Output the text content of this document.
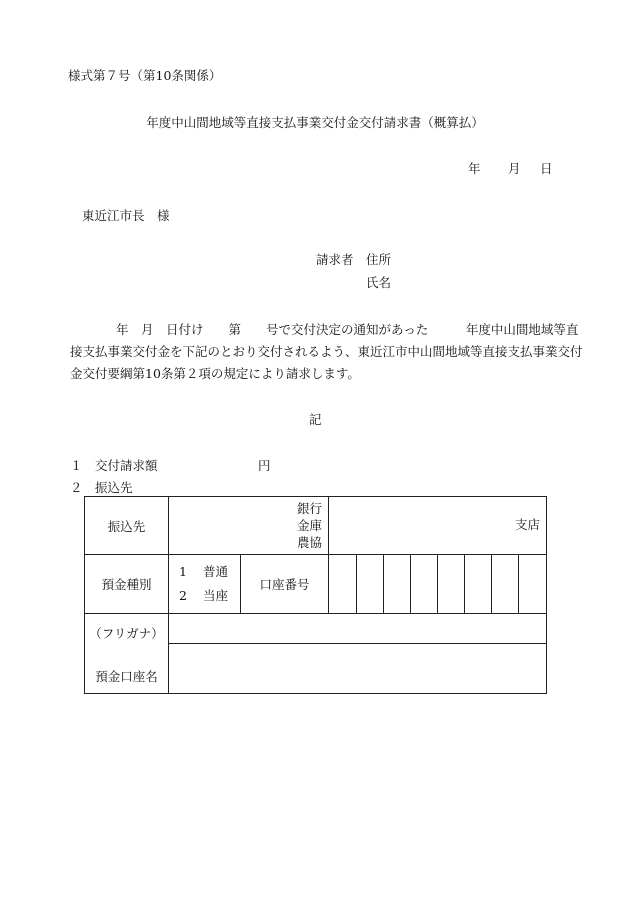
様式第７号（第10条関係）
年度中山間地域等直接支払事業交付金交付請求書（概算払）
年 月 日
東近江市長　様
請求者 住所
氏名
年　月　日付け　　第　　号で交付決定の通知があった　　　年度中山間地域等直
接支払事業交付金を下記のとおり交付されるよう、東近江市中山間地域等直接支払事業交付
金交付要綱第10条第２項の規定により請求します。
記
１ 交付請求額	円
２ 振込先
振込先	銀行
金庫
農協		支店							
預金種別	1 普通
2 当座	口座番号								

（フリガナ）
預金口座名										
